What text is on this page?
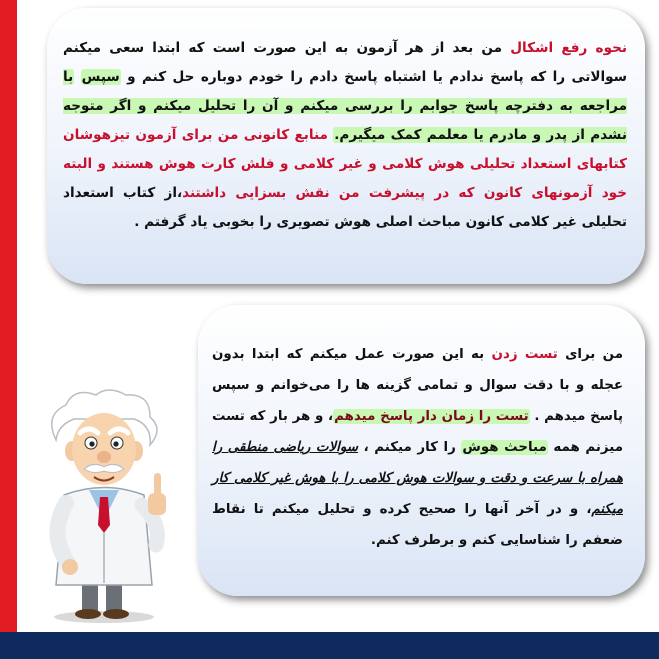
نحوه رفع اشکال من بعد از هر آزمون به این صورت است که ابتدا سعی میکنم سوالاتی را که پاسخ ندادم یا اشتباه پاسخ دادم را خودم دوباره حل کنم و سپس با مراجعه به دفترچه پاسخ جوابم را بررسی میکنم و آن را تحلیل میکنم و اگر متوجه نشدم از پدر و مادرم یا معلمم کمک میگیرم. منابع کانونی من برای آزمون تیزهوشان کتابهای استعداد تحلیلی هوش کلامی و غیر کلامی و فلش کارت هوش هستند و البته خود آزمونهای کانون که در پیشرفت من نقش بسزایی داشتند،از کتاب استعداد تحلیلی غیر کلامی کانون مباحث اصلی هوش تصویری را بخوبی یاد گرفتم .

من برای تست زدن به این صورت عمل میکنم که ابتدا بدون عجله و با دقت سوال و تمامی گزینه ها را می‌خوانم و سپس پاسخ میدهم . تست را زمان دار پاسخ میدهم، و هر بار که تست میزنم همه مباحث هوش را کار میکنم ، سوالات ریاضی منطقی را همراه با سرعت و دقت و سوالات هوش کلامی را با هوش غیر کلامی کار میکنم، و در آخر آنها را صحیح کرده و تحلیل میکنم تا نقاط ضعفم را شناسایی کنم و برطرف کنم.
